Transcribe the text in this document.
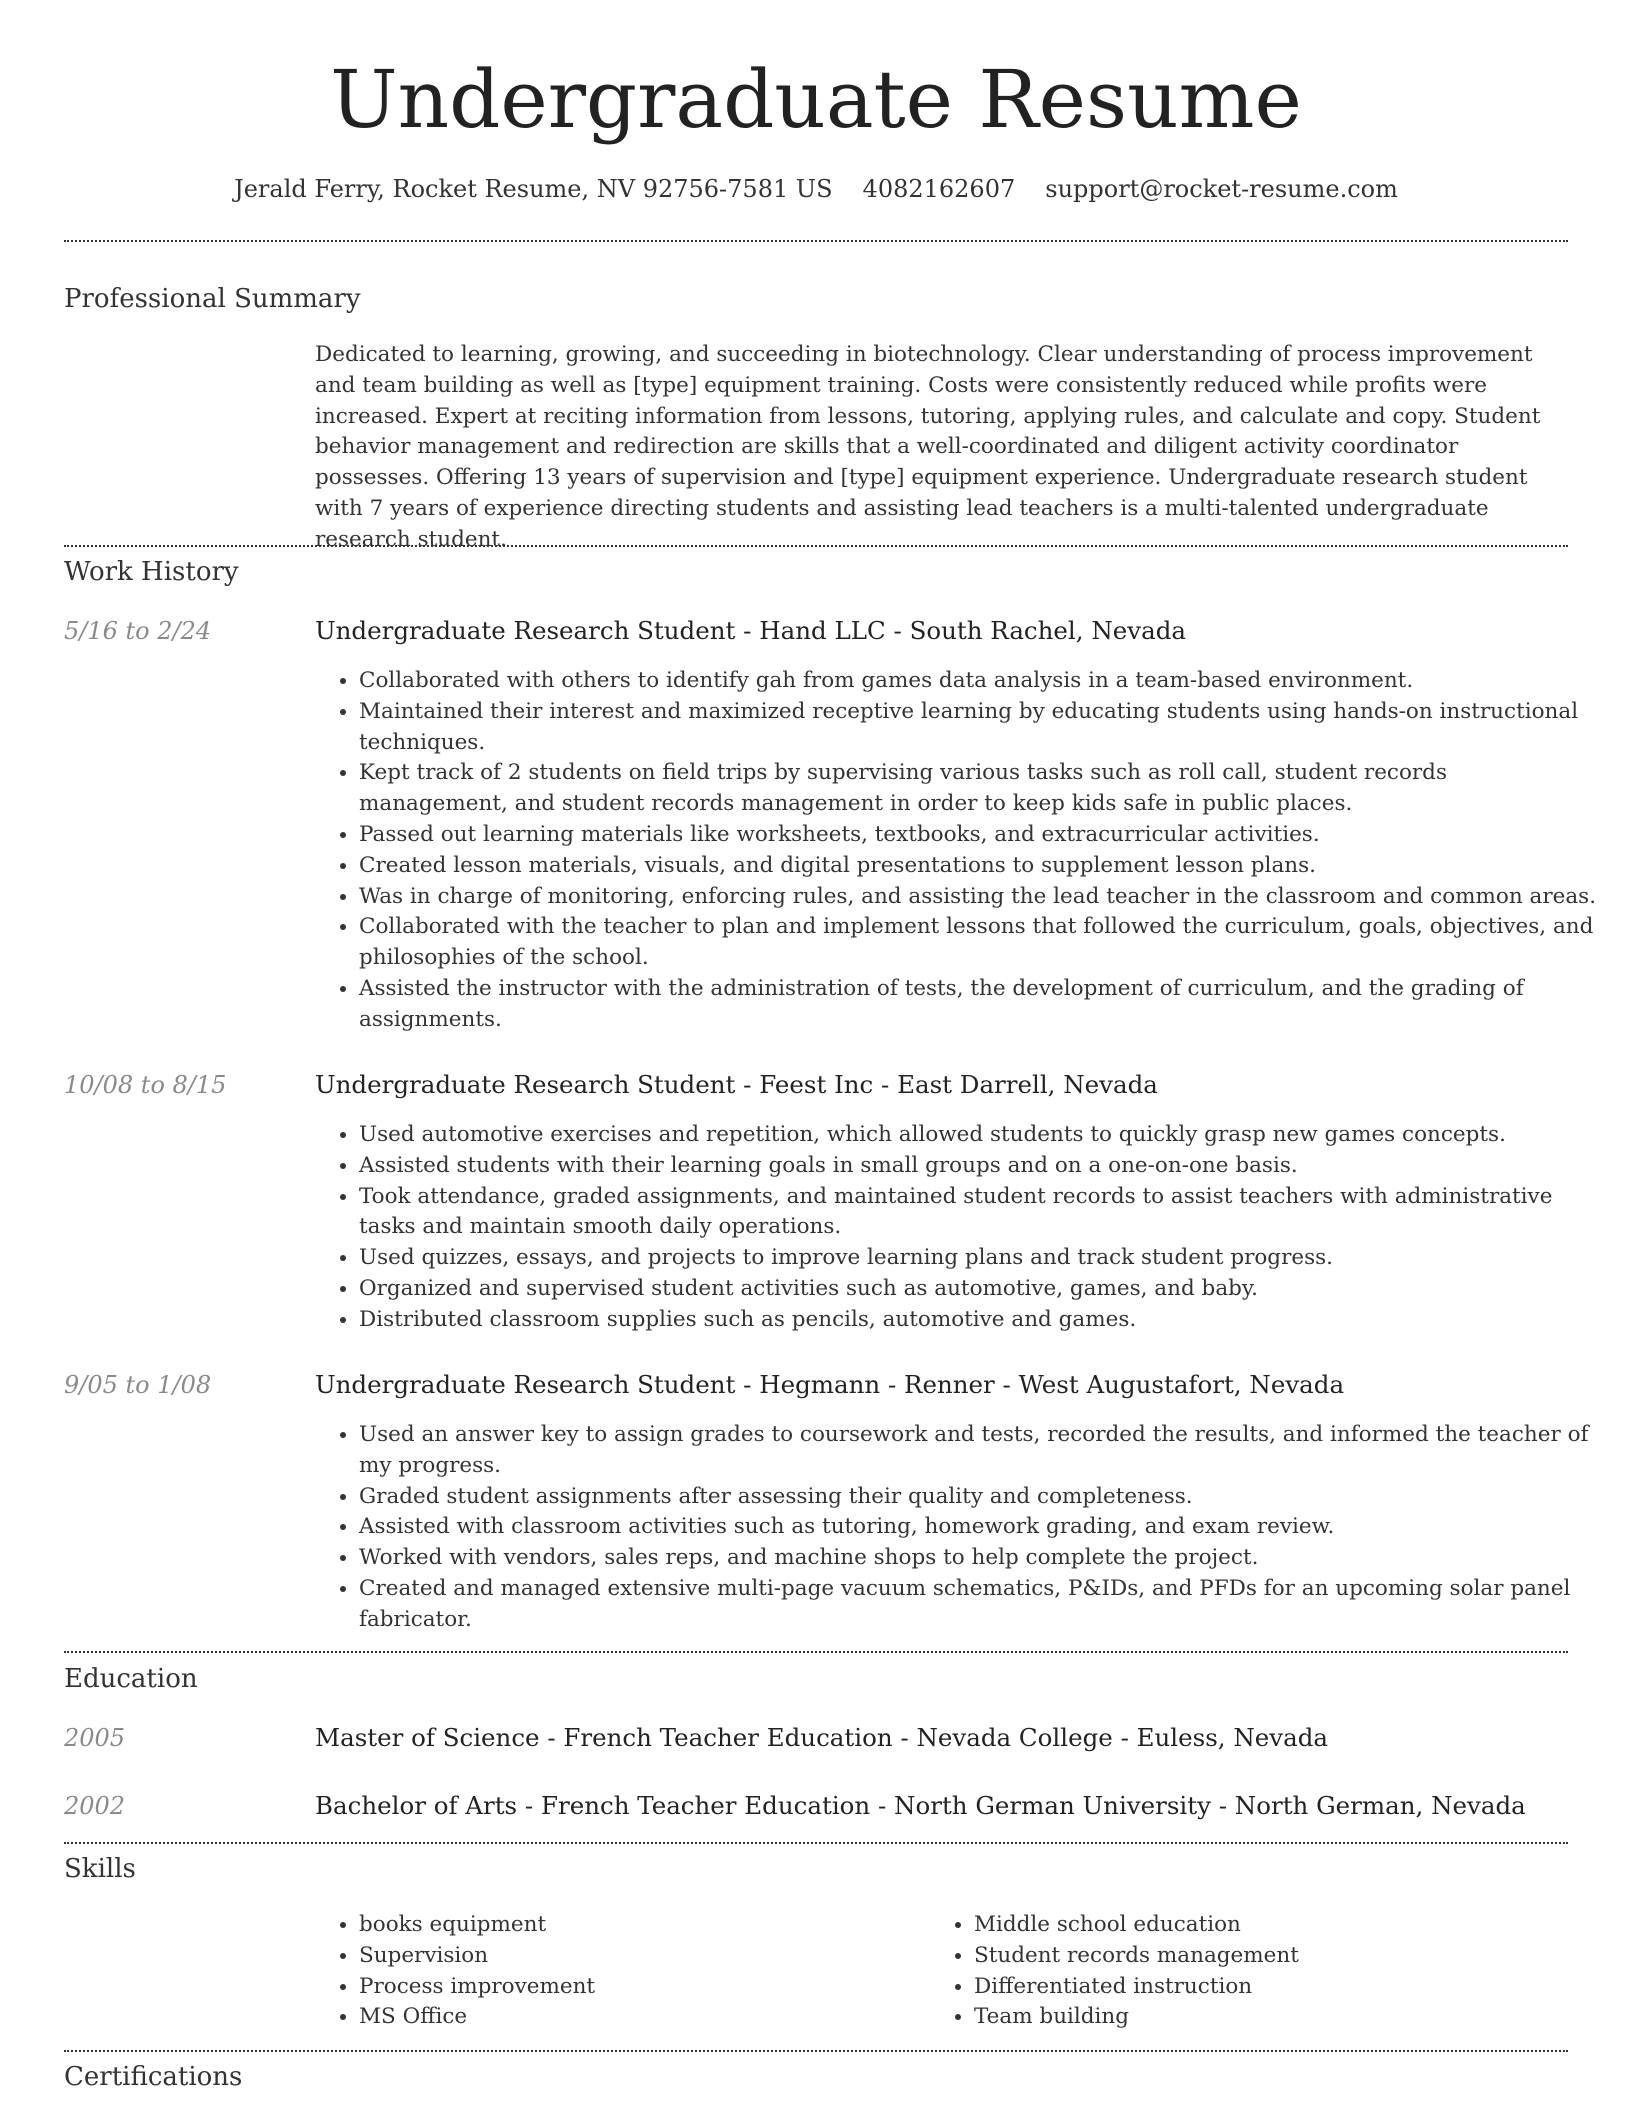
Undergraduate Resume
Jerald Ferry, Rocket Resume, NV 92756-7581 US 4082162607 support@rocket-resume.com
Professional Summary
Dedicated to learning, growing, and succeeding in biotechnology. Clear understanding of process improvement and team building as well as [type] equipment training. Costs were consistently reduced while profits were increased. Expert at reciting information from lessons, tutoring, applying rules, and calculate and copy. Student behavior management and redirection are skills that a well-coordinated and diligent activity coordinator possesses. Offering 13 years of supervision and [type] equipment experience. Undergraduate research student with 7 years of experience directing students and assisting lead teachers is a multi-talented undergraduate research student.
Work History
5/16 to 2/24	Undergraduate Research Student - Hand LLC - South Rachel, Nevada
• Collaborated with others to identify gah from games data analysis in a team-based environment.
• Maintained their interest and maximized receptive learning by educating students using hands-on instructional techniques.
• Kept track of 2 students on field trips by supervising various tasks such as roll call, student records management, and student records management in order to keep kids safe in public places.
• Passed out learning materials like worksheets, textbooks, and extracurricular activities.
• Created lesson materials, visuals, and digital presentations to supplement lesson plans.
• Was in charge of monitoring, enforcing rules, and assisting the lead teacher in the classroom and common areas.
• Collaborated with the teacher to plan and implement lessons that followed the curriculum, goals, objectives, and philosophies of the school.
• Assisted the instructor with the administration of tests, the development of curriculum, and the grading of assignments.
10/08 to 8/15	Undergraduate Research Student - Feest Inc - East Darrell, Nevada
• Used automotive exercises and repetition, which allowed students to quickly grasp new games concepts.
• Assisted students with their learning goals in small groups and on a one-on-one basis.
• Took attendance, graded assignments, and maintained student records to assist teachers with administrative tasks and maintain smooth daily operations.
• Used quizzes, essays, and projects to improve learning plans and track student progress.
• Organized and supervised student activities such as automotive, games, and baby.
• Distributed classroom supplies such as pencils, automotive and games.
9/05 to 1/08	Undergraduate Research Student - Hegmann - Renner - West Augustafort, Nevada
• Used an answer key to assign grades to coursework and tests, recorded the results, and informed the teacher of my progress.
• Graded student assignments after assessing their quality and completeness.
• Assisted with classroom activities such as tutoring, homework grading, and exam review.
• Worked with vendors, sales reps, and machine shops to help complete the project.
• Created and managed extensive multi-page vacuum schematics, P&IDs, and PFDs for an upcoming solar panel fabricator.
Education
2005	Master of Science - French Teacher Education - Nevada College - Euless, Nevada
2002	Bachelor of Arts - French Teacher Education - North German University - North German, Nevada
Skills
• books equipment
• Supervision
• Process improvement
• MS Office
• Middle school education
• Student records management
• Differentiated instruction
• Team building
Certifications
